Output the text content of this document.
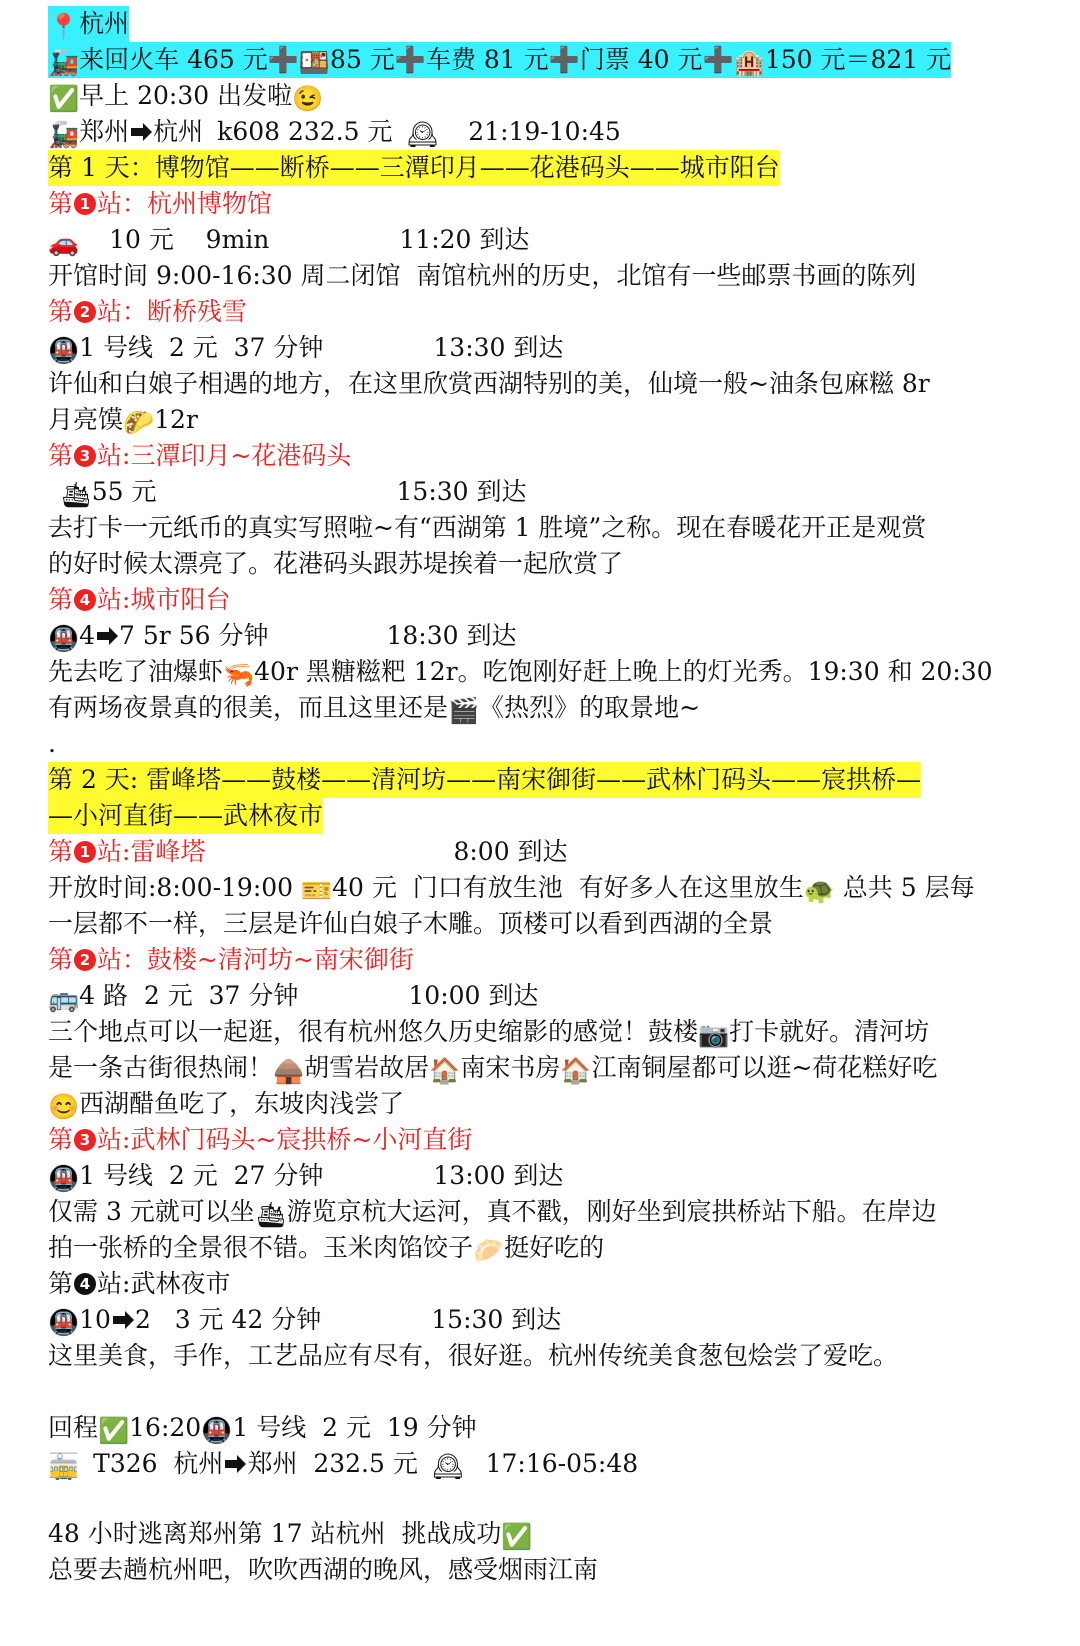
📍杭州
🚂来回火车 465 元➕🍱85 元➕车费 81 元➕门票 40 元➕🏨150 元＝821 元
✅早上 20:30 出发啦😉
🚂郑州 杭州 k608 232.5 元 🕰 21:19-10:45
第 1 天：博物馆——断桥——三潭印月——花港码头——城市阳台
第 1 站：杭州博物馆
🚗 10 元    9min	11:20 到达
开馆时间 9:00-16:30 周二闭馆  南馆杭州的历史，北馆有一些邮票书画的陈列
第 2 站：断桥残雪
🚇1 号线  2 元  37 分钟	13:30 到达
许仙和白娘子相遇的地方，在这里欣赏西湖特别的美，仙境一般~油条包麻糍 8r
月亮馍🌮12r
第 3 站:三潭印月~花港码头
🛳55 元	15:30 到达
去打卡一元纸币的真实写照啦~有“西湖第 1 胜境”之称。现在春暖花开正是观赏
的好时候太漂亮了。花港码头跟苏堤挨着一起欣赏了
第 4 站:城市阳台
🚇4 7 5r 56 分钟	18:30 到达
先去吃了油爆虾🦐40r 黑糖糍粑 12r。吃饱刚好赶上晚上的灯光秀。19:30 和 20:30
有两场夜景真的很美，而且这里还是🎬《热烈》的取景地~
.
第 2 天: 雷峰塔——鼓楼——清河坊——南宋御街——武林门码头——宸拱桥—
—小河直街——武林夜市
第 1 站:雷峰塔	8:00 到达
开放时间:8:00-19:00 🎫40 元  门口有放生池  有好多人在这里放生🐢 总共 5 层每
一层都不一样，三层是许仙白娘子木雕。顶楼可以看到西湖的全景
第 2 站：鼓楼~清河坊~南宋御街
🚌4 路  2 元  37 分钟	10:00 到达
三个地点可以一起逛，很有杭州悠久历史缩影的感觉！鼓楼📷打卡就好。清河坊
是一条古街很热闹！🛖胡雪岩故居🏠南宋书房🏠江南铜屋都可以逛~荷花糕好吃
😊西湖醋鱼吃了，东坡肉浅尝了
第 3 站:武林门码头~宸拱桥~小河直街
🚇1 号线  2 元  27 分钟	13:00 到达
仅需 3 元就可以坐🛳游览京杭大运河，真不戳，刚好坐到宸拱桥站下船。在岸边
拍一张桥的全景很不错。玉米肉馅饺子🥟挺好吃的
第 4 站:武林夜市
🚇10 2   3 元 42 分钟	15:30 到达
这里美食，手作，工艺品应有尽有，很好逛。杭州传统美食葱包烩尝了爱吃。
回程✅16:20🚇1 号线  2 元  19 分钟
🚋 T326  杭州 郑州  232.5 元 🕰 17:16-05:48
48 小时逃离郑州第 17 站杭州  挑战成功✅
总要去趟杭州吧，吹吹西湖的晚风，感受烟雨江南
